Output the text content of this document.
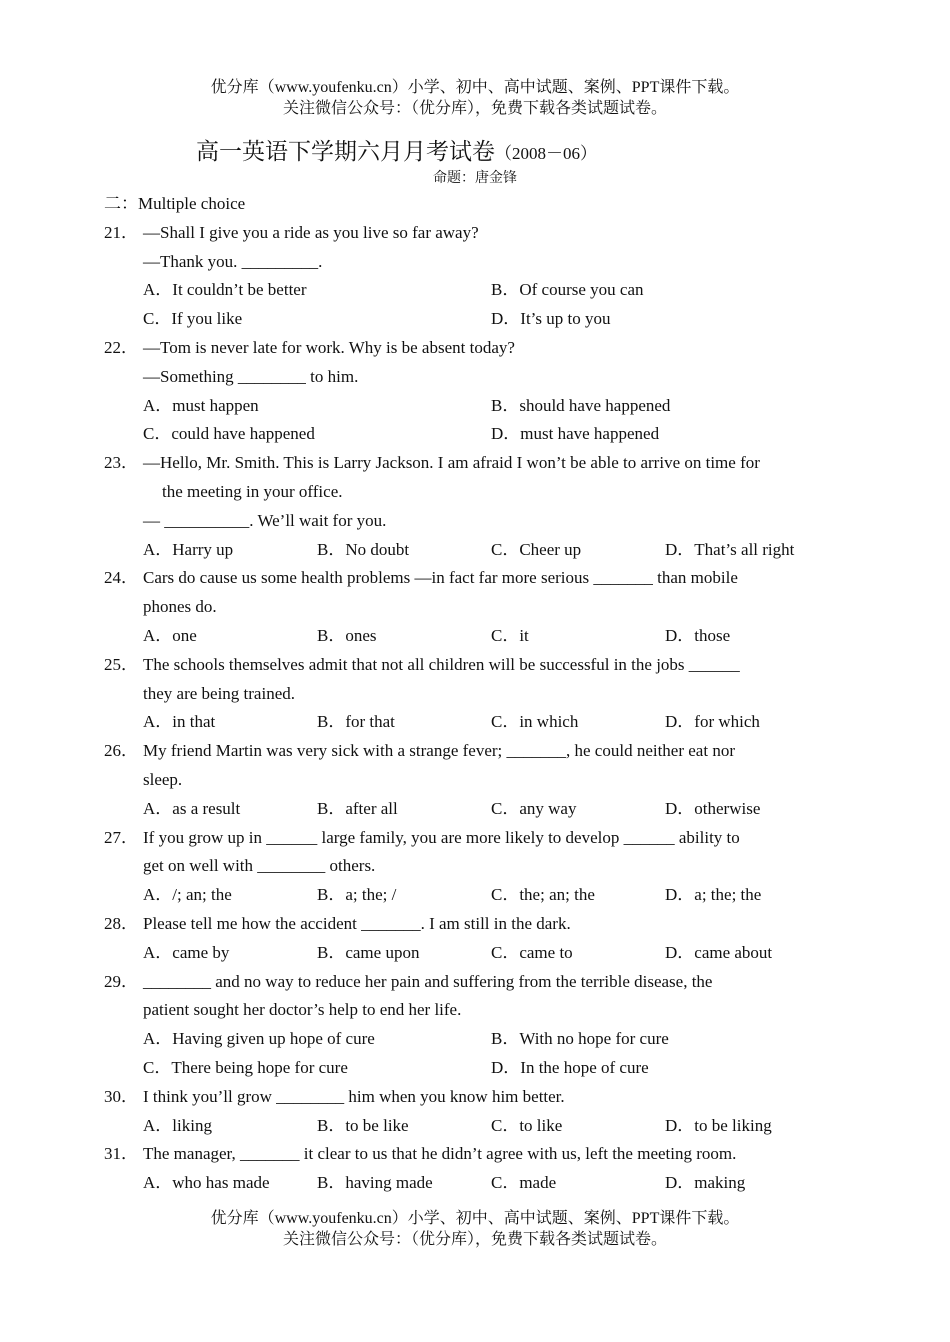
优分库（www.youfenku.cn）小学、初中、高中试题、案例、PPT课件下载。
关注微信公众号：（优分库），免费下载各类试题试卷。
高一英语下学期六月月考试卷（2008－06）
命题：唐金锋
二：Multiple choice
21． —Shall I give you a ride as you live so far away?
—Thank you. _________.
A．It couldn’t be better	B．Of course you can
C．If you like	D．It’s up to you
22． —Tom is never late for work. Why is be absent today?
—Something ________ to him.
A．must happen	B．should have happened
C．could have happened	D．must have happened
23． —Hello, Mr. Smith. This is Larry Jackson. I am afraid I won’t be able to arrive on time for
the meeting in your office.
— __________. We’ll wait for you.
A．Harry up	B．No doubt	C．Cheer up	D．That’s all right
24． Cars do cause us some health problems —in fact far more serious _______ than mobile
phones do.
A．one	B．ones	C．it	D．those
25． The schools themselves admit that not all children will be successful in the jobs ______
they are being trained.
A．in that	B．for that	C．in which	D．for which
26． My friend Martin was very sick with a strange fever; _______, he could neither eat nor
sleep.
A．as a result	B．after all	C．any way	D．otherwise
27． If you grow up in ______ large family, you are more likely to develop ______ ability to
get on well with ________ others.
A．/; an; the	B．a; the; /	C．the; an; the	D．a; the; the
28． Please tell me how the accident _______. I am still in the dark.
A．came by	B．came upon	C．came to	D．came about
29． ________ and no way to reduce her pain and suffering from the terrible disease, the
patient sought her doctor’s help to end her life.
A．Having given up hope of cure	B．With no hope for cure
C．There being hope for cure	D．In the hope of cure
30． I think you’ll grow ________ him when you know him better.
A．liking	B．to be like	C．to like	D．to be liking
31． The manager, _______ it clear to us that he didn’t agree with us, left the meeting room.
A．who has made	B．having made	C．made	D．making
优分库（www.youfenku.cn）小学、初中、高中试题、案例、PPT课件下载。
关注微信公众号：（优分库），免费下载各类试题试卷。
